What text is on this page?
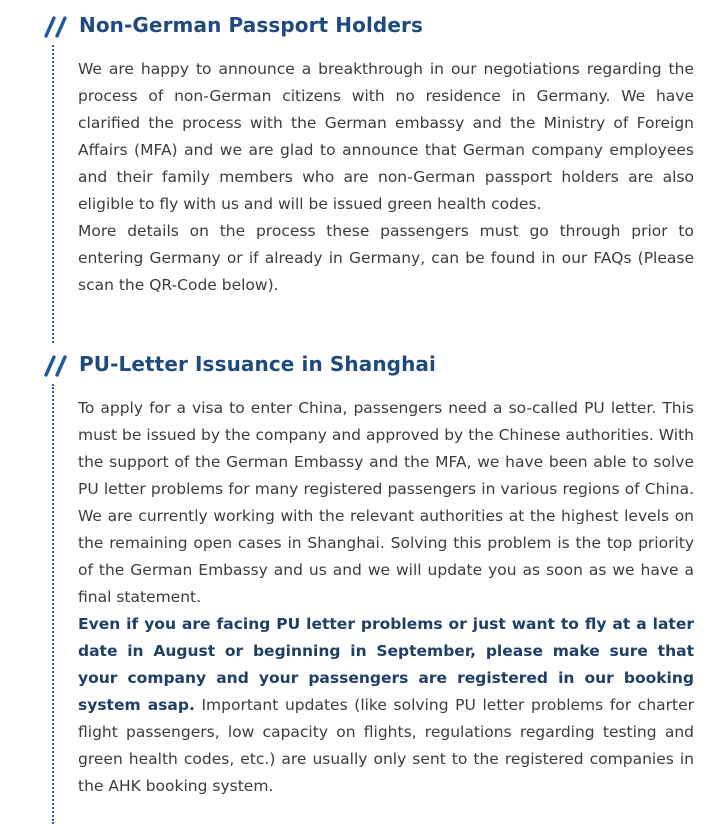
Non-German Passport Holders

We are happy to announce a breakthrough in our negotiations regarding the process of non-German citizens with no residence in Germany. We have clarified the process with the German embassy and the Ministry of Foreign Affairs (MFA) and we are glad to announce that German company employees and their family members who are non-German passport holders are also eligible to fly with us and will be issued green health codes.

More details on the process these passengers must go through prior to entering Germany or if already in Germany, can be found in our FAQs (Please scan the QR-Code below).

PU-Letter Issuance in Shanghai

To apply for a visa to enter China, passengers need a so-called PU letter. This must be issued by the company and approved by the Chinese authorities. With the support of the German Embassy and the MFA, we have been able to solve PU letter problems for many registered passengers in various regions of China. We are currently working with the relevant authorities at the highest levels on the remaining open cases in Shanghai. Solving this problem is the top priority of the German Embassy and us and we will update you as soon as we have a final statement.

Even if you are facing PU letter problems or just want to fly at a later date in August or beginning in September, please make sure that your company and your passengers are registered in our booking system asap. Important updates (like solving PU letter problems for charter flight passengers, low capacity on flights, regulations regarding testing and green health codes, etc.) are usually only sent to the registered companies in the AHK booking system.
